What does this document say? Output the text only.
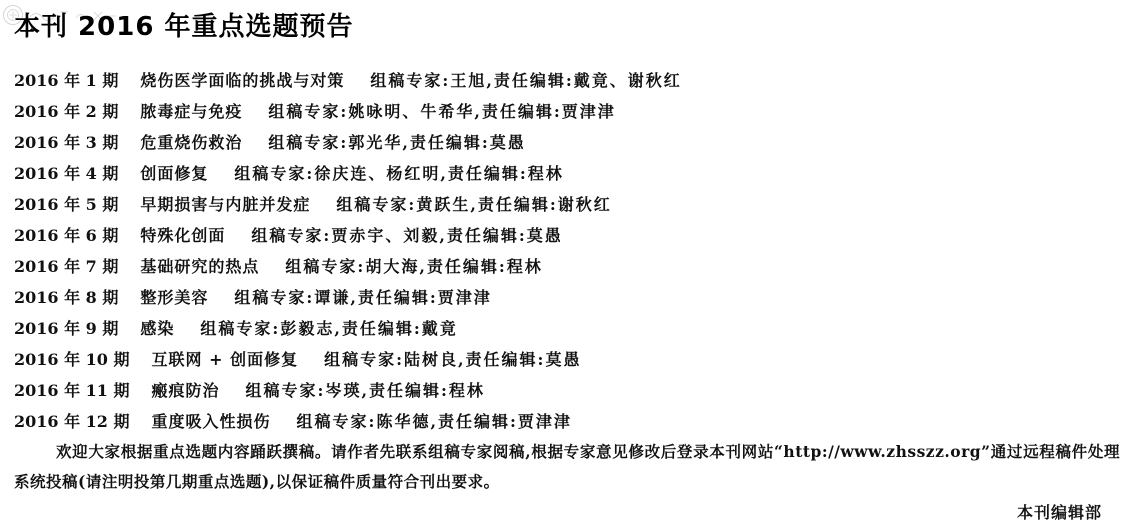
本刊 2016 年重点选题预告
2016 年 1 期 烧伤医学面临的挑战与对策 组稿专家:王旭,责任编辑:戴竟、谢秋红
2016 年 2 期 脓毒症与免疫 组稿专家:姚咏明、牛希华,责任编辑:贾津津
2016 年 3 期 危重烧伤救治 组稿专家:郭光华,责任编辑:莫愚
2016 年 4 期 创面修复 组稿专家:徐庆连、杨红明,责任编辑:程林
2016 年 5 期 早期损害与内脏并发症 组稿专家:黄跃生,责任编辑:谢秋红
2016 年 6 期 特殊化创面 组稿专家:贾赤宇、刘毅,责任编辑:莫愚
2016 年 7 期 基础研究的热点 组稿专家:胡大海,责任编辑:程林
2016 年 8 期 整形美容 组稿专家:谭谦,责任编辑:贾津津
2016 年 9 期 感染 组稿专家:彭毅志,责任编辑:戴竟
2016 年 10 期 互联网 + 创面修复 组稿专家:陆树良,责任编辑:莫愚
2016 年 11 期 瘢痕防治 组稿专家:岑瑛,责任编辑:程林
2016 年 12 期 重度吸入性损伤 组稿专家:陈华德,责任编辑:贾津津

欢迎大家根据重点选题内容踊跃撰稿。请作者先联系组稿专家阅稿,根据专家意见修改后登录本刊网站“http://www.zhsszz.org”通过远程稿件处理系统投稿(请注明投第几期重点选题),以保证稿件质量符合刊出要求。

本刊编辑部
